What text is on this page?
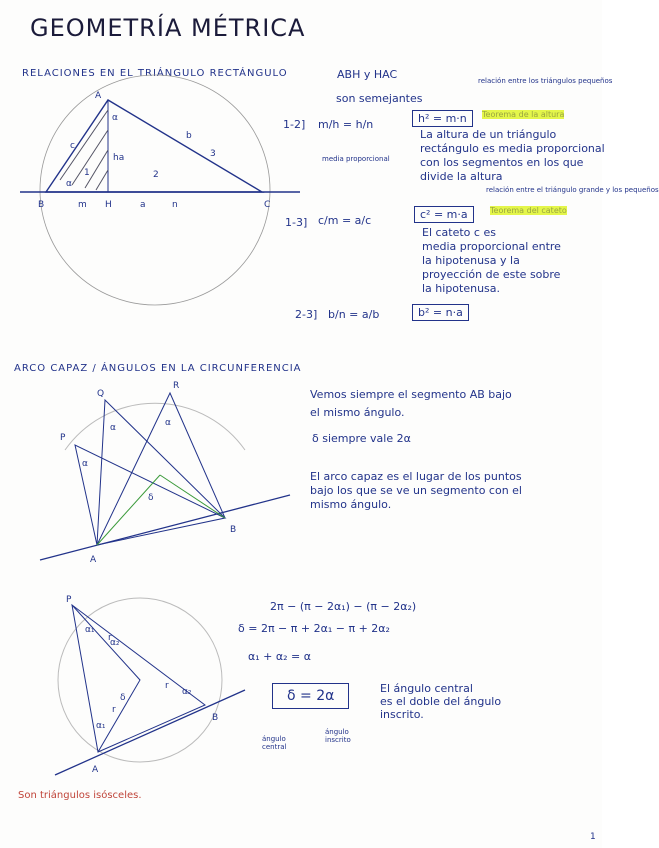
GEOMETRÍA MÉTRICA
RELACIONES EN EL TRIÁNGULO RECTÁNGULO
A
B	C
H
m	a	n
c
b
ha
α
α
1	2
3
P
Q
R
A
B
α
α	α
δ
P
A
B
δ
r
r
r
α₁
α₁
α₂
α₂
ABH y HAC
son semejantes
relación entre los triángulos pequeños
1-2] m/h = h/n
media proporcional
h² = m·n	Teorema de la altura
La altura de un triángulo
rectángulo es media proporcional
con los segmentos en los que
divide la altura
relación entre el triángulo grande y los pequeños
1-3] c/m = a/c	c² = m·a	Teorema del cateto
El cateto c es
media proporcional entre
la hipotenusa y la
proyección de este sobre
la hipotenusa.
2-3] b/n = a/b	b² = n·a
ARCO CAPAZ / ÁNGULOS EN LA CIRCUNFERENCIA
Vemos siempre el segmento AB bajo
el mismo ángulo.
δ siempre vale 2α
El arco capaz es el lugar de los puntos
bajo los que se ve un segmento con el
mismo ángulo.
2π − (π − 2α₁) − (π − 2α₂)
δ = 2π − π + 2α₁ − π + 2α₂
α₁ + α₂ = α
δ = 2α
ángulo central
ángulo inscrito
El ángulo central
es el doble del ángulo
inscrito.
Son triángulos isósceles.
1
